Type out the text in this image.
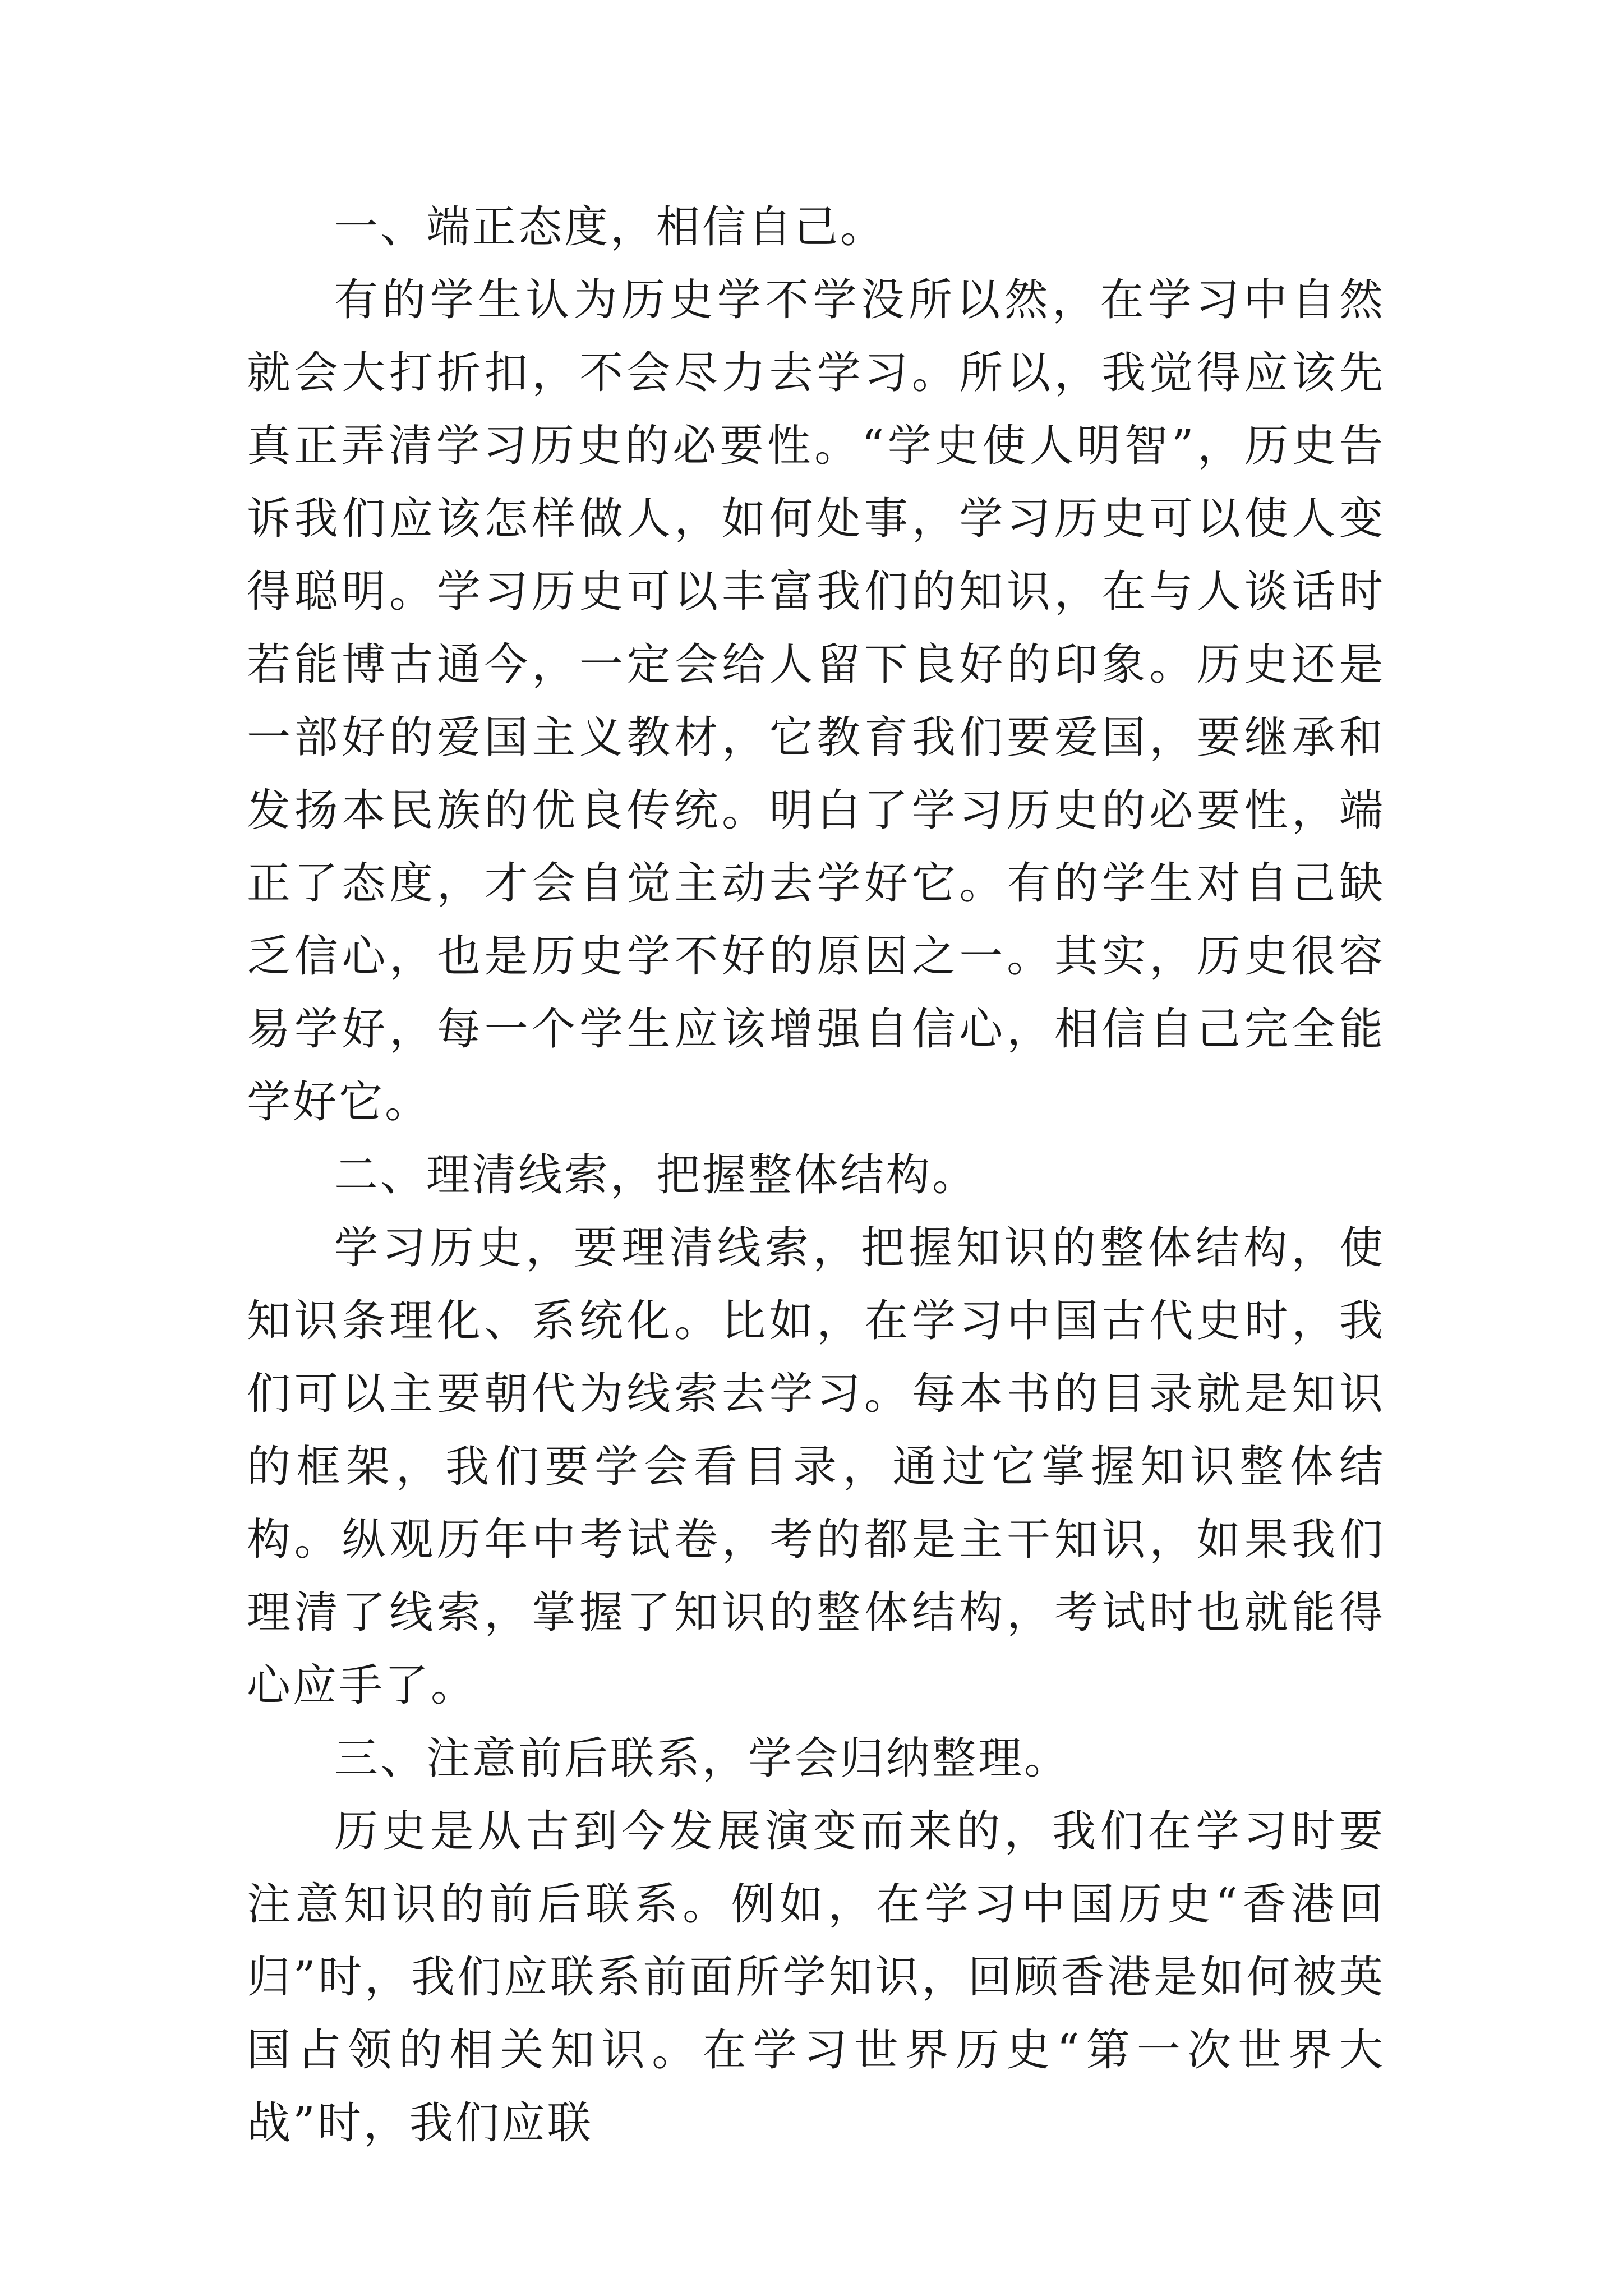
一、端正态度，相信自己。

有的学生认为历史学不学没所以然，在学习中自然就会大打折扣，不会尽力去学习。所以，我觉得应该先真正弄清学习历史的必要性。“学史使人明智”，历史告诉我们应该怎样做人，如何处事，学习历史可以使人变得聪明。学习历史可以丰富我们的知识，在与人谈话时若能博古通今，一定会给人留下良好的印象。历史还是一部好的爱国主义教材，它教育我们要爱国，要继承和发扬本民族的优良传统。明白了学习历史的必要性，端正了态度，才会自觉主动去学好它。有的学生对自己缺乏信心，也是历史学不好的原因之一。其实，历史很容易学好，每一个学生应该增强自信心，相信自己完全能学好它。

二、理清线索，把握整体结构。

学习历史，要理清线索，把握知识的整体结构，使知识条理化、系统化。比如，在学习中国古代史时，我们可以主要朝代为线索去学习。每本书的目录就是知识的框架，我们要学会看目录，通过它掌握知识整体结构。纵观历年中考试卷，考的都是主干知识，如果我们理清了线索，掌握了知识的整体结构，考试时也就能得心应手了。

三、注意前后联系，学会归纳整理。

历史是从古到今发展演变而来的，我们在学习时要注意知识的前后联系。例如，在学习中国历史“香港回归”时，我们应联系前面所学知识，回顾香港是如何被英国占领的相关知识。在学习世界历史“第一次世界大战”时，我们应联
